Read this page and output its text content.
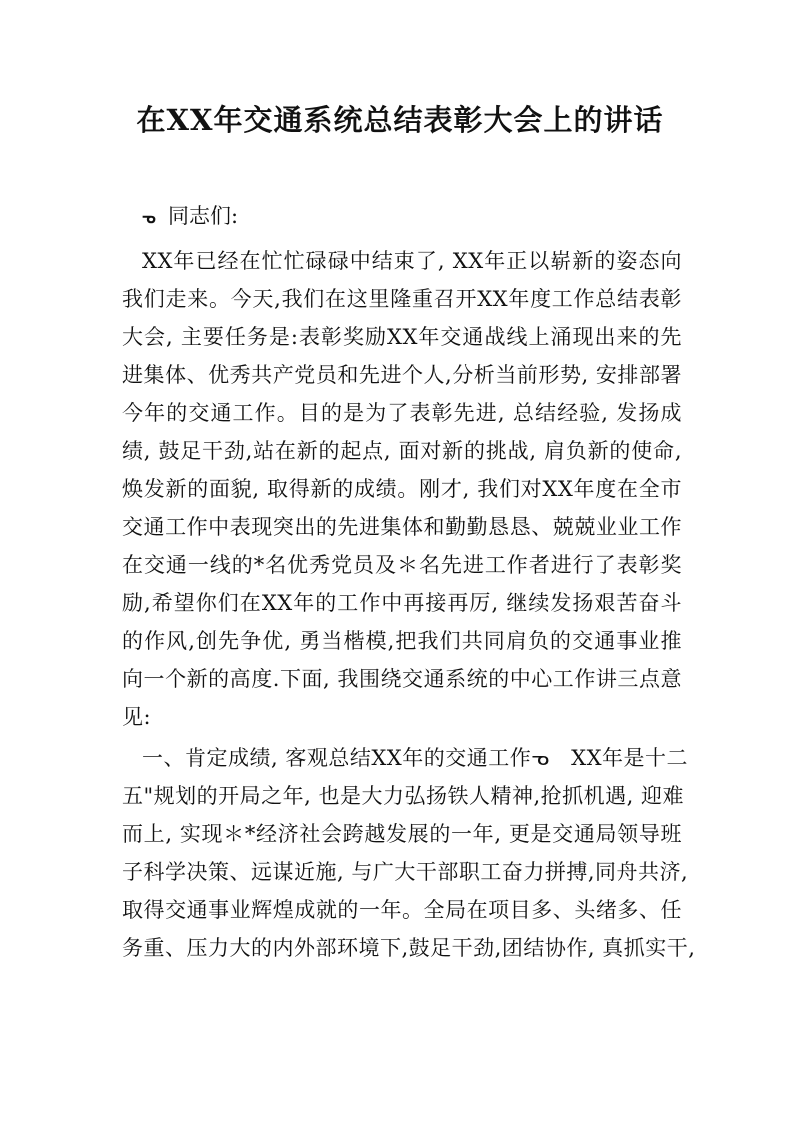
在XX年交通系统总结表彰大会上的讲话
ᓀ 同志们:
XX年已经在忙忙碌碌中结束了, XX年正以崭新的姿态向
我们走来。今天,我们在这里隆重召开XX年度工作总结表彰
大会, 主要任务是:表彰奖励XX年交通战线上涌现出来的先
进集体、优秀共产党员和先进个人,分析当前形势, 安排部署
今年的交通工作。目的是为了表彰先进, 总结经验, 发扬成
绩, 鼓足干劲,站在新的起点, 面对新的挑战, 肩负新的使命,
焕发新的面貌, 取得新的成绩。刚才, 我们对XX年度在全市
交通工作中表现突出的先进集体和勤勤恳恳、兢兢业业工作
在交通一线的*名优秀党员及＊名先进工作者进行了表彰奖
励,希望你们在XX年的工作中再接再厉, 继续发扬艰苦奋斗
的作风,创先争优, 勇当楷模,把我们共同肩负的交通事业推
向一个新的高度.下面, 我围绕交通系统的中心工作讲三点意
见:
一、肯定成绩, 客观总结XX年的交通工作ᓀ　XX年是十二
五"规划的开局之年, 也是大力弘扬铁人精神,抢抓机遇, 迎难
而上, 实现＊*经济社会跨越发展的一年, 更是交通局领导班
子科学决策、远谋近施, 与广大干部职工奋力拼搏,同舟共济,
取得交通事业辉煌成就的一年。全局在项目多、头绪多、任
务重、压力大的内外部环境下,鼓足干劲,团结协作, 真抓实干,
